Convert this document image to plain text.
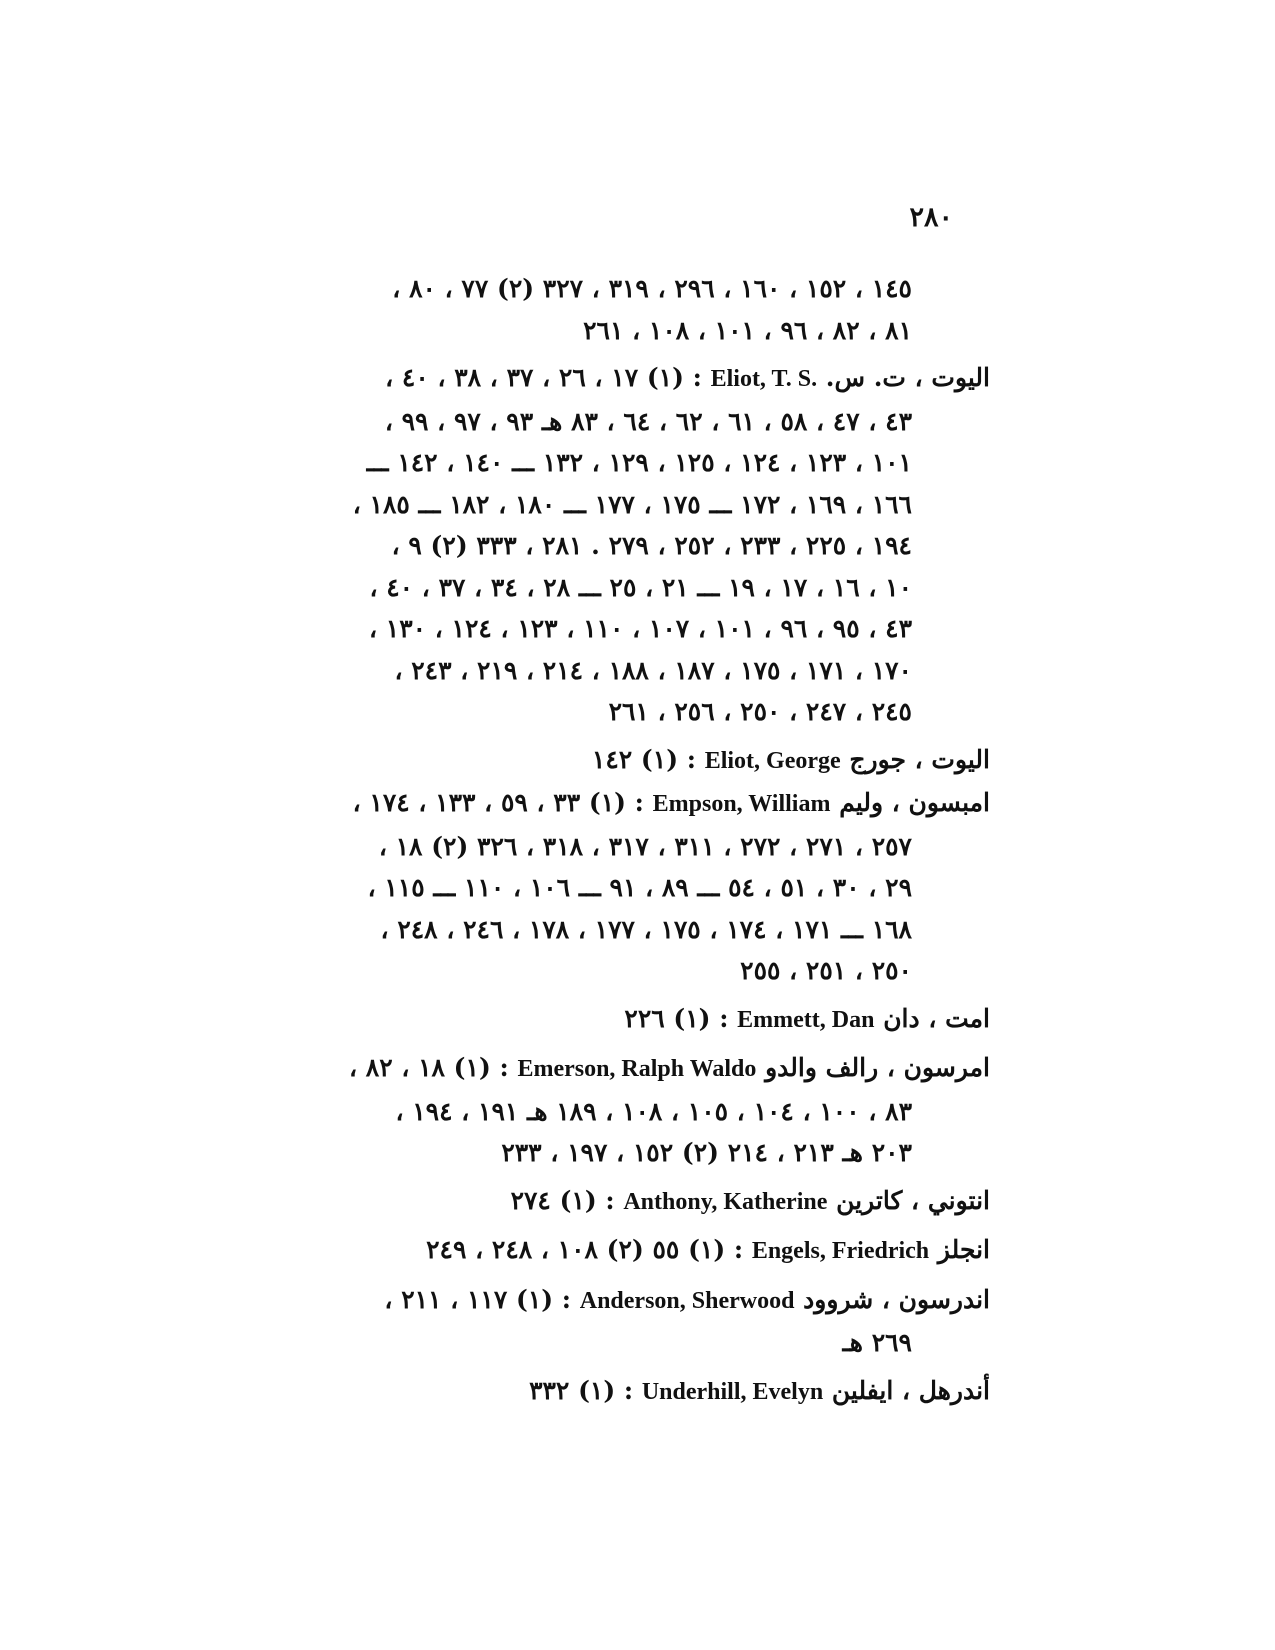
٢٨٠
١٤٥ ، ١٥٢ ، ١٦٠ ، ٢٩٦ ، ٣١٩ ، ٣٢٧ (٢) ٧٧ ، ٨٠ ،
٨١ ، ٨٢ ، ٩٦ ، ١٠١ ، ١٠٨ ، ٢٦١
اليوت ، ت. س. Eliot, T. S. : (١) ١٧ ، ٢٦ ، ٣٧ ، ٣٨ ، ٤٠ ،
٤٣ ، ٤٧ ، ٥٨ ، ٦١ ، ٦٢ ، ٦٤ ، ٨٣ هـ ٩٣ ، ٩٧ ، ٩٩ ،
١٠١ ، ١٢٣ ، ١٢٤ ، ١٢٥ ، ١٢٩ ، ١٣٢ ـــ ١٤٠ ، ١٤٢ ـــ
١٦٦ ، ١٦٩ ، ١٧٢ ـــ ١٧٥ ، ١٧٧ ـــ ١٨٠ ، ١٨٢ ـــ ١٨٥ ،
١٩٤ ، ٢٢٥ ، ٢٣٣ ، ٢٥٢ ، ٢٧٩ . ٢٨١ ، ٣٣٣ (٢) ٩ ،
١٠ ، ١٦ ، ١٧ ، ١٩ ـــ ٢١ ، ٢٥ ـــ ٢٨ ، ٣٤ ، ٣٧ ، ٤٠ ،
٤٣ ، ٩٥ ، ٩٦ ، ١٠١ ، ١٠٧ ، ١١٠ ، ١٢٣ ، ١٢٤ ، ١٣٠ ،
١٧٠ ، ١٧١ ، ١٧٥ ، ١٨٧ ، ١٨٨ ، ٢١٤ ، ٢١٩ ، ٢٤٣ ،
٢٤٥ ، ٢٤٧ ، ٢٥٠ ، ٢٥٦ ، ٢٦١
اليوت ، جورج Eliot, George : (١) ١٤٢
امبسون ، ولیم Empson, William : (١) ٣٣ ، ٥٩ ، ١٣٣ ، ١٧٤ ،
٢٥٧ ، ٢٧١ ، ٢٧٢ ، ٣١١ ، ٣١٧ ، ٣١٨ ، ٣٢٦ (٢) ١٨ ،
٢٩ ، ٣٠ ، ٥١ ، ٥٤ ـــ ٨٩ ، ٩١ ـــ ١٠٦ ، ١١٠ ـــ ١١٥ ،
١٦٨ ـــ ١٧١ ، ١٧٤ ، ١٧٥ ، ١٧٧ ، ١٧٨ ، ٢٤٦ ، ٢٤٨ ،
٢٥٠ ، ٢٥١ ، ٢٥٥
امت ، دان Emmett, Dan : (١) ٢٢٦
امرسون ، رالف والدو Emerson, Ralph Waldo : (١) ١٨ ، ٨٢ ،
٨٣ ، ١٠٠ ، ١٠٤ ، ١٠٥ ، ١٠٨ ، ١٨٩ هـ ١٩١ ، ١٩٤ ،
٢٠٣ هـ ٢١٣ ، ٢١٤ (٢) ١٥٢ ، ١٩٧ ، ٢٣٣
انتوني ، كاترين Anthony, Katherine : (١) ٢٧٤
انجلز Engels, Friedrich : (١) ٥٥ (٢) ١٠٨ ، ٢٤٨ ، ٢٤٩
اندرسون ، شروود Anderson, Sherwood : (١) ١١٧ ، ٢١١ ،
٢٦٩ هـ
أندرهل ، ايفلين Underhill, Evelyn : (١) ٣٣٢
